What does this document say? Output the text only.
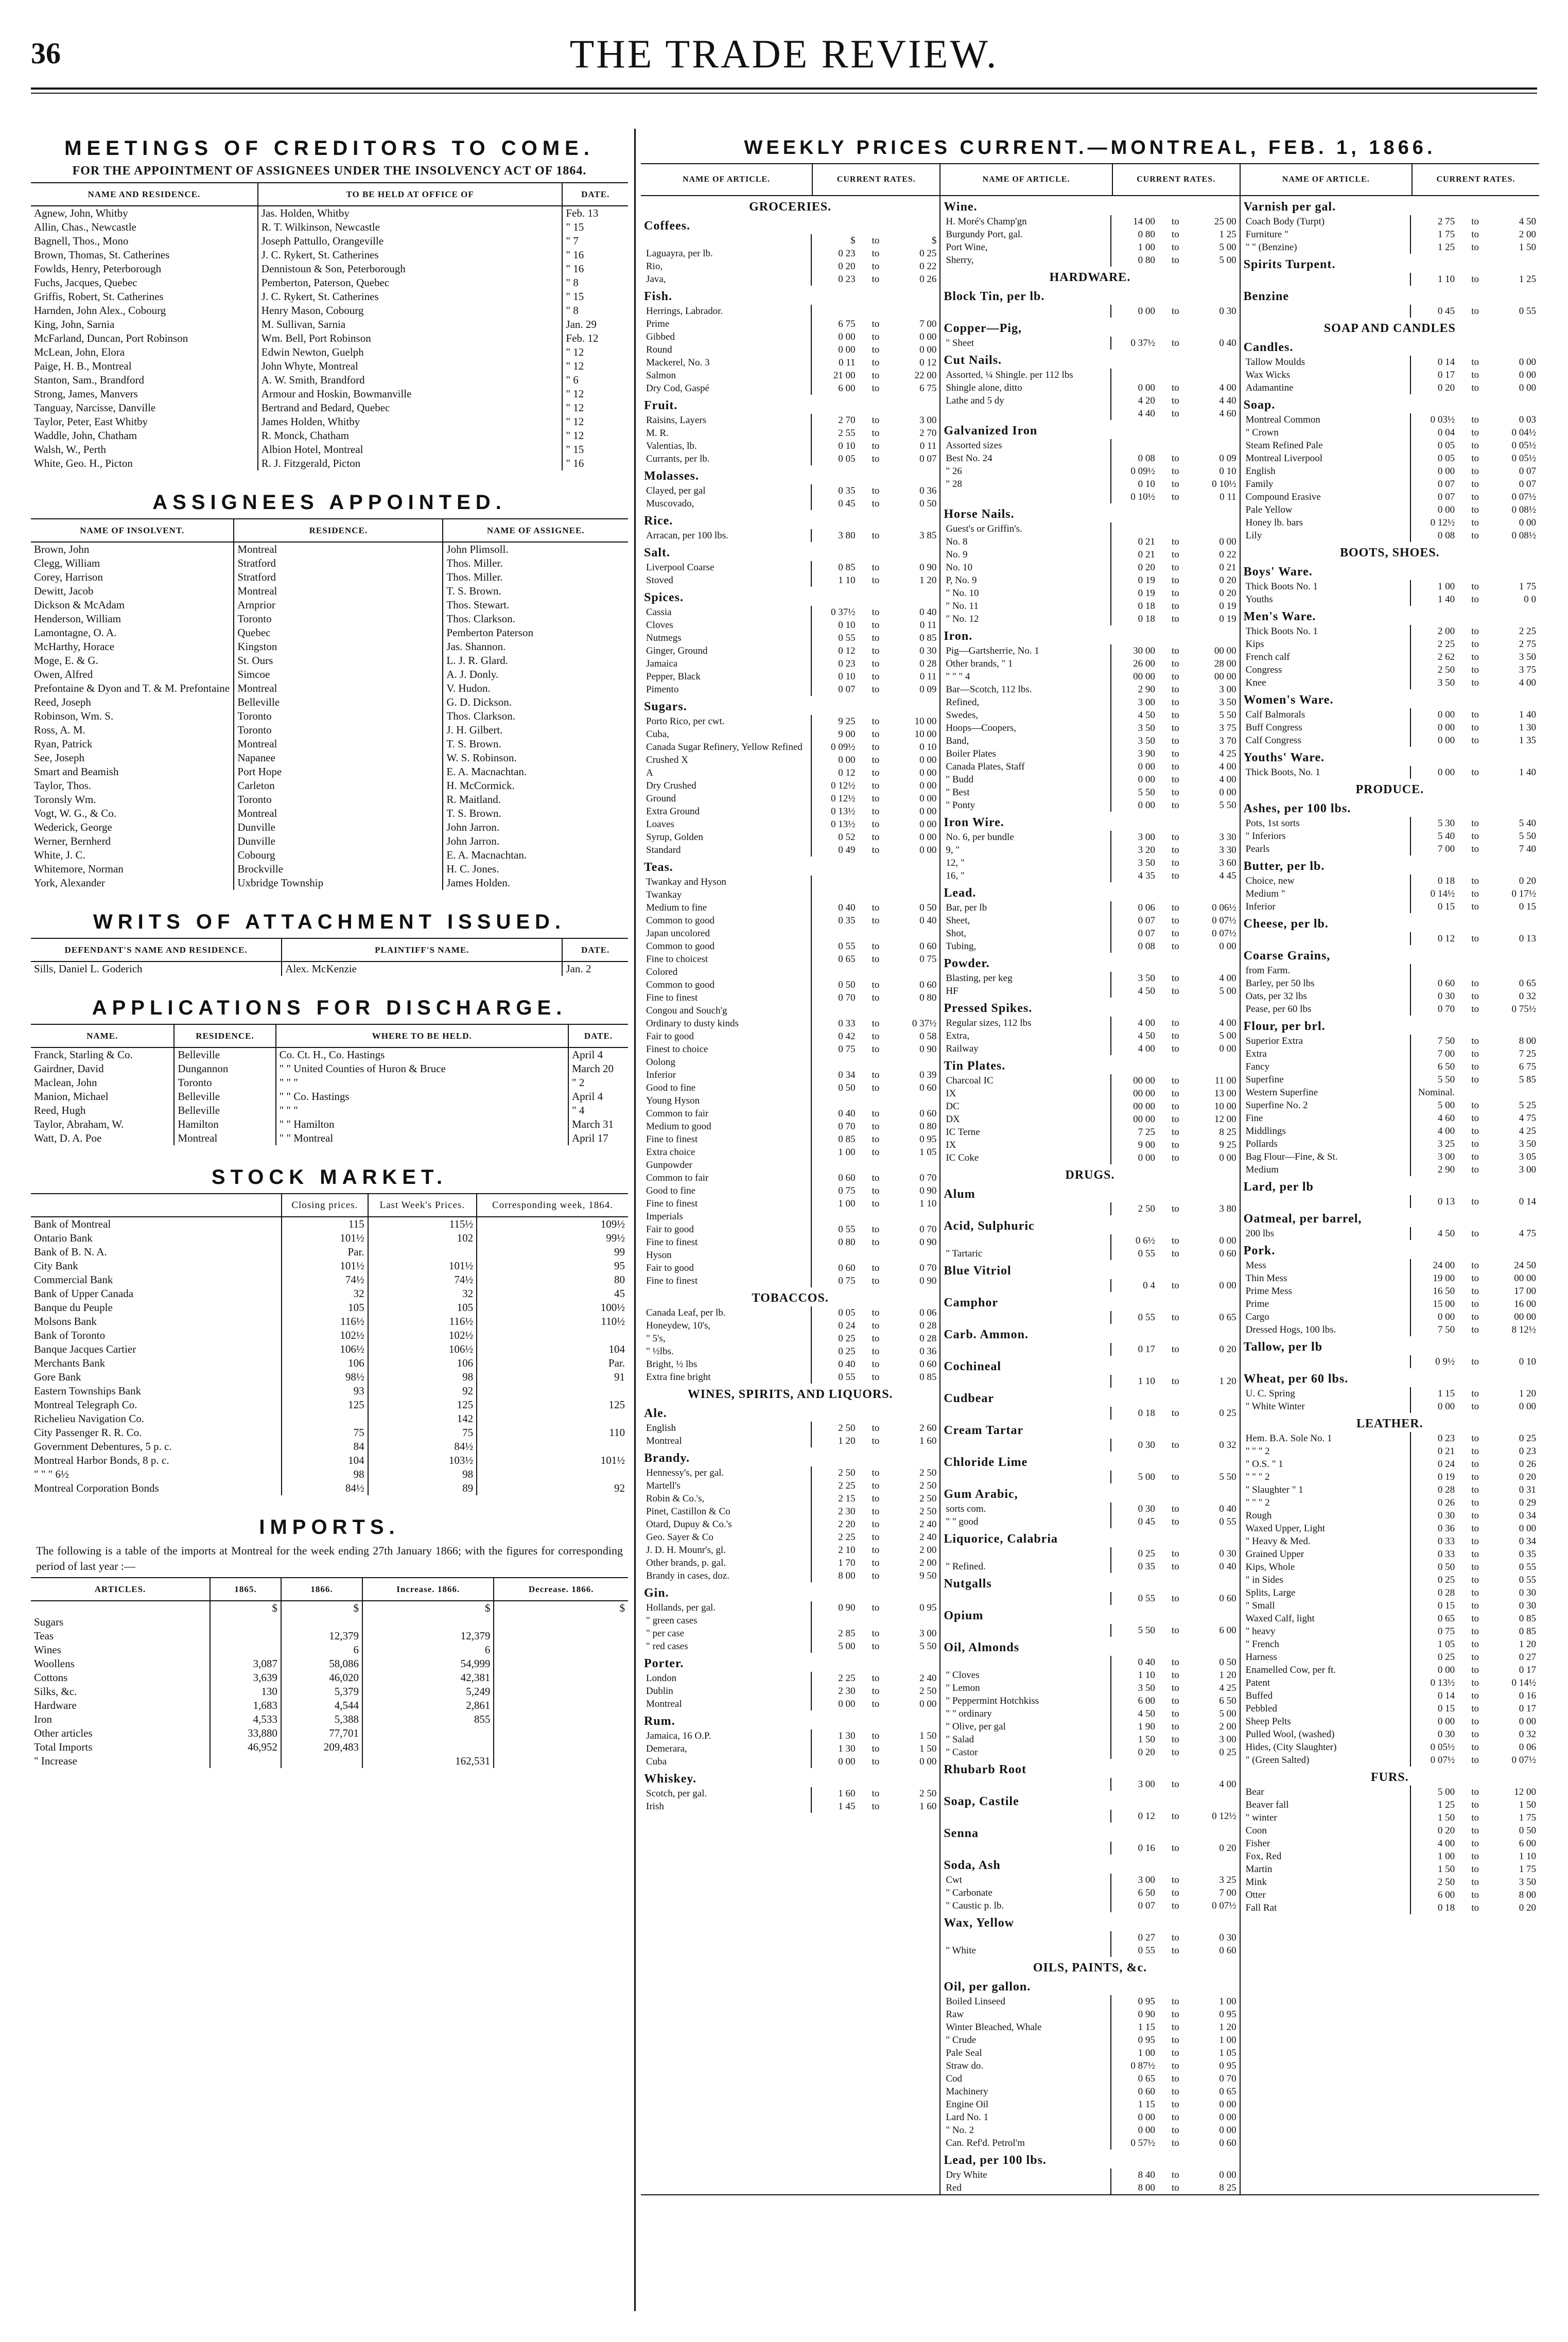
36	THE TRADE REVIEW.
MEETINGS OF CREDITORS TO COME.

FOR THE APPOINTMENT OF ASSIGNEES UNDER THE INSOLVENCY ACT OF 1864.

NAME AND RESIDENCE.	TO BE HELD AT OFFICE OF	DATE.
Agnew, John, Whitby	Jas. Holden, Whitby	Feb. 13
Allin, Chas., Newcastle	R. T. Wilkinson, Newcastle	" 15
Bagnell, Thos., Mono	Joseph Pattullo, Orangeville	" 7
Brown, Thomas, St. Catherines	J. C. Rykert, St. Catherines	" 16
Fowlds, Henry, Peterborough	Dennistoun & Son, Peterborough	" 16
Fuchs, Jacques, Quebec	Pemberton, Paterson, Quebec	" 8
Griffis, Robert, St. Catherines	J. C. Rykert, St. Catherines	" 15
Harnden, John Alex., Cobourg	Henry Mason, Cobourg	" 8
King, John, Sarnia	M. Sullivan, Sarnia	Jan. 29
McFarland, Duncan, Port Robinson	Wm. Bell, Port Robinson	Feb. 12
McLean, John, Elora	Edwin Newton, Guelph	" 12
Paige, H. B., Montreal	John Whyte, Montreal	" 12
Stanton, Sam., Brandford	A. W. Smith, Brandford	" 6
Strong, James, Manvers	Armour and Hoskin, Bowmanville	" 12
Tanguay, Narcisse, Danville	Bertrand and Bedard, Quebec	" 12
Taylor, Peter, East Whitby	James Holden, Whitby	" 12
Waddle, John, Chatham	R. Monck, Chatham	" 12
Walsh, W., Perth	Albion Hotel, Montreal	" 15
White, Geo. H., Picton	R. J. Fitzgerald, Picton	" 16
ASSIGNEES APPOINTED.
NAME OF INSOLVENT.	RESIDENCE.	NAME OF ASSIGNEE.
Brown, John	Montreal	John Plimsoll.
Clegg, William	Stratford	Thos. Miller.
Corey, Harrison	Stratford	Thos. Miller.
Dewitt, Jacob	Montreal	T. S. Brown.
Dickson & McAdam	Arnprior	Thos. Stewart.
Henderson, William	Toronto	Thos. Clarkson.
Lamontagne, O. A.	Quebec	Pemberton Paterson
McHarthy, Horace	Kingston	Jas. Shannon.
Moge, E. & G.	St. Ours	L. J. R. Glard.
Owen, Alfred	Simcoe	A. J. Donly.
Prefontaine & Dyon and T. & M. Prefontaine	Montreal	V. Hudon.
Reed, Joseph	Belleville	G. D. Dickson.
Robinson, Wm. S.	Toronto	Thos. Clarkson.
Ross, A. M.	Toronto	J. H. Gilbert.
Ryan, Patrick	Montreal	T. S. Brown.
See, Joseph	Napanee	W. S. Robinson.
Smart and Beamish	Port Hope	E. A. Macnachtan.
Taylor, Thos.	Carleton	H. McCormick.
Toronsly Wm.	Toronto	R. Maitland.
Vogt, W. G., & Co.	Montreal	T. S. Brown.
Wederick, George	Dunville	John Jarron.
Werner, Bernherd	Dunville	John Jarron.
White, J. C.	Cobourg	E. A. Macnachtan.
Whitemore, Norman	Brockville	H. C. Jones.
York, Alexander	Uxbridge Township	James Holden.
WRITS OF ATTACHMENT ISSUED.
DEFENDANT'S NAME AND RESIDENCE.	PLAINTIFF'S NAME.	DATE.
Sills, Daniel L. Goderich	Alex. McKenzie	Jan. 2
APPLICATIONS FOR DISCHARGE.
NAME.	RESIDENCE.	WHERE TO BE HELD.	DATE.
Franck, Starling & Co.	Belleville	Co. Ct. H., Co. Hastings	April 4
Gairdner, David	Dungannon	" " United Counties of Huron & Bruce	March 20
Maclean, John	Toronto	" " "	" 2
Manion, Michael	Belleville	" " Co. Hastings	April 4
Reed, Hugh	Belleville	" " "	" 4
Taylor, Abraham, W.	Hamilton	" " Hamilton	March 31
Watt, D. A. Poe	Montreal	" " Montreal	April 17
STOCK MARKET.
	Closing prices.	Last Week's Prices.	Corresponding week, 1864.
Bank of Montreal	115	115½	109½
Ontario Bank	101½	102	99½
Bank of B. N. A.	Par.		99
City Bank	101½	101½	95
Commercial Bank	74½	74½	80
Bank of Upper Canada	32	32	45
Banque du Peuple	105	105	100½
Molsons Bank	116½	116½	110½
Bank of Toronto	102½	102½	
Banque Jacques Cartier	106½	106½	104
Merchants Bank	106	106	Par.
Gore Bank	98½	98	91
Eastern Townships Bank	93	92	
Montreal Telegraph Co.	125	125	125
Richelieu Navigation Co.		142	
City Passenger R. R. Co.	75	75	110
Government Debentures, 5 p. c.	84	84½	
Montreal Harbor Bonds, 8 p. c.	104	103½	101½
" " " 6½	98	98	
Montreal Corporation Bonds	84½	89	92
IMPORTS.

The following is a table of the imports at Montreal for the week ending 27th January 1866; with the figures for corresponding period of last year :—

ARTICLES.	1865.	1866.	Increase. 1866.	Decrease. 1866.
	$	$	$	$
Sugars				
Teas		12,379	12,379	
Wines		6	6	
Woollens	3,087	58,086	54,999	
Cottons	3,639	46,020	42,381	
Silks, &c.	130	5,379	5,249	
Hardware	1,683	4,544	2,861	
Iron	4,533	5,388	855	
Other articles	33,880	77,701		
Total Imports	46,952	209,483		
" Increase			162,531	
WEEKLY PRICES CURRENT.—MONTREAL, FEB. 1, 1866.
NAME OF ARTICLE.	CURRENT RATES.
GROCERIES.
Coffees.
$	to	$
Laguayra, per lb.	0 23	to	0 25
Rio,	0 20	to	0 22
Java,	0 23	to	0 26
Fish.
Herrings, Labrador.
Prime	6 75	to	7 00
Gibbed	0 00	to	0 00
Round	0 00	to	0 00
Mackerel, No. 3	0 11	to	0 12
Salmon	21 00	to	22 00
Dry Cod, Gaspé	6 00	to	6 75
Fruit.
Raisins, Layers	2 70	to	3 00
M. R.	2 55	to	2 70
Valentias, lb.	0 10	to	0 11
Currants, per lb.	0 05	to	0 07
Molasses.
Clayed, per gal	0 35	to	0 36
Muscovado,	0 45	to	0 50
Rice.
Arracan, per 100 lbs.	3 80	to	3 85
Salt.
Liverpool Coarse	0 85	to	0 90
Stoved	1 10	to	1 20
Spices.
Cassia	0 37½	to	0 40
Cloves	0 10	to	0 11
Nutmegs	0 55	to	0 85
Ginger, Ground	0 12	to	0 30
Jamaica	0 23	to	0 28
Pepper, Black	0 10	to	0 11
Pimento	0 07	to	0 09
Sugars.
Porto Rico, per cwt.	9 25	to	10 00
Cuba,	9 00	to	10 00
Canada Sugar Refinery, Yellow Refined	0 09½	to	0 10
Crushed X	0 00	to	0 00
A	0 12	to	0 00
Dry Crushed	0 12½	to	0 00
Ground	0 12½	to	0 00
Extra Ground	0 13½	to	0 00
Loaves	0 13½	to	0 00
Syrup, Golden	0 52	to	0 00
Standard	0 49	to	0 00
Teas.
Twankay and Hyson
Twankay
Medium to fine	0 40	to	0 50
Common to good	0 35	to	0 40
Japan uncolored
Common to good	0 55	to	0 60
Fine to choicest	0 65	to	0 75
Colored
Common to good	0 50	to	0 60
Fine to finest	0 70	to	0 80
Congou and Souch'g
Ordinary to dusty kinds	0 33	to	0 37½
Fair to good	0 42	to	0 58
Finest to choice	0 75	to	0 90
Oolong
Inferior	0 34	to	0 39
Good to fine	0 50	to	0 60
Young Hyson
Common to fair	0 40	to	0 60
Medium to good	0 70	to	0 80
Fine to finest	0 85	to	0 95
Extra choice	1 00	to	1 05
Gunpowder
Common to fair	0 60	to	0 70
Good to fine	0 75	to	0 90
Fine to finest	1 00	to	1 10
Imperials
Fair to good	0 55	to	0 70
Fine to finest	0 80	to	0 90
Hyson
Fair to good	0 60	to	0 70
Fine to finest	0 75	to	0 90
TOBACCOS.
Canada Leaf, per lb.	0 05	to	0 06
Honeydew, 10's,	0 24	to	0 28
" 5's,	0 25	to	0 28
" ½lbs.	0 25	to	0 36
Bright, ½ lbs	0 40	to	0 60
Extra fine bright	0 55	to	0 85
WINES, SPIRITS, AND LIQUORS.
Ale.
English	2 50	to	2 60
Montreal	1 20	to	1 60
Brandy.
Hennessy's, per gal.	2 50	to	2 50
Martell's	2 25	to	2 50
Robin & Co.'s,	2 15	to	2 50
Pinet, Castillon & Co	2 30	to	2 50
Otard, Dupuy & Co.'s	2 20	to	2 40
Geo. Sayer & Co	2 25	to	2 40
J. D. H. Mounr's, gl.	2 10	to	2 00
Other brands, p. gal.	1 70	to	2 00
Brandy in cases, doz.	8 00	to	9 50
Gin.
Hollands, per gal.	0 90	to	0 95
" green cases
" per case	2 85	to	3 00
" red cases	5 00	to	5 50
Porter.
London	2 25	to	2 40
Dublin	2 30	to	2 50
Montreal	0 00	to	0 00
Rum.
Jamaica, 16 O.P.	1 30	to	1 50
Demerara,	1 30	to	1 50
Cuba	0 00	to	0 00
Whiskey.
Scotch, per gal.	1 60	to	2 50
Irish	1 45	to	1 60
NAME OF ARTICLE.	CURRENT RATES.
Wine.
H. Moré's Champ'gn	14 00	to	25 00
Burgundy Port, gal.	0 80	to	1 25
Port Wine,	1 00	to	5 00
Sherry,	0 80	to	5 00
HARDWARE.
Block Tin, per lb.
0 00	to	0 30
Copper—Pig,
" Sheet	0 37½	to	0 40
Cut Nails.
Assorted, ¼ Shingle. per 112 lbs
Shingle alone, ditto	0 00	to	4 00
Lathe and 5 dy	4 20	to	4 40
4 40	to	4 60
Galvanized Iron
Assorted sizes
Best No. 24	0 08	to	0 09
" 26	0 09½	to	0 10
" 28	0 10	to	0 10½
0 10½	to	0 11
Horse Nails.
Guest's or Griffin's.
No. 8	0 21	to	0 00
No. 9	0 21	to	0 22
No. 10	0 20	to	0 21
P, No. 9	0 19	to	0 20
" No. 10	0 19	to	0 20
" No. 11	0 18	to	0 19
" No. 12	0 18	to	0 19
Iron.
Pig—Gartsherrie, No. 1	30 00	to	00 00
Other brands, " 1	26 00	to	28 00
" " " 4	00 00	to	00 00
Bar—Scotch, 112 lbs.	2 90	to	3 00
Refined,	3 00	to	3 50
Swedes,	4 50	to	5 50
Hoops—Coopers,	3 50	to	3 75
Band,	3 50	to	3 70
Boiler Plates	3 90	to	4 25
Canada Plates, Staff	0 00	to	4 00
" Budd	0 00	to	4 00
" Best	5 50	to	0 00
" Ponty	0 00	to	5 50
Iron Wire.
No. 6, per bundle	3 00	to	3 30
9, "	3 20	to	3 30
12, "	3 50	to	3 60
16, "	4 35	to	4 45
Lead.
Bar, per lb	0 06	to	0 06½
Sheet,	0 07	to	0 07½
Shot,	0 07	to	0 07½
Tubing,	0 08	to	0 00
Powder.
Blasting, per keg	3 50	to	4 00
HF	4 50	to	5 00
Pressed Spikes.
Regular sizes, 112 lbs	4 00	to	4 00
Extra,	4 50	to	5 00
Railway	4 00	to	0 00
Tin Plates.
Charcoal IC	00 00	to	11 00
IX	00 00	to	13 00
DC	00 00	to	10 00
DX	00 00	to	12 00
IC Terne	7 25	to	8 25
IX	9 00	to	9 25
IC Coke	0 00	to	0 00
DRUGS.
Alum
2 50	to	3 80
Acid, Sulphuric
0 6½	to	0 00
" Tartaric	0 55	to	0 60
Blue Vitriol
0 4	to	0 00
Camphor
0 55	to	0 65
Carb. Ammon.
0 17	to	0 20
Cochineal
1 10	to	1 20
Cudbear
0 18	to	0 25
Cream Tartar
0 30	to	0 32
Chloride Lime
5 00	to	5 50
Gum Arabic,
sorts com.	0 30	to	0 40
" " good	0 45	to	0 55
Liquorice, Calabria
0 25	to	0 30
" Refined.	0 35	to	0 40
Nutgalls
0 55	to	0 60
Opium
5 50	to	6 00
Oil, Almonds
0 40	to	0 50
" Cloves	1 10	to	1 20
" Lemon	3 50	to	4 25
" Peppermint Hotchkiss	6 00	to	6 50
" " ordinary	4 50	to	5 00
" Olive, per gal	1 90	to	2 00
" Salad	1 50	to	3 00
" Castor	0 20	to	0 25
Rhubarb Root
3 00	to	4 00
Soap, Castile
0 12	to	0 12½
Senna
0 16	to	0 20
Soda, Ash
Cwt	3 00	to	3 25
" Carbonate	6 50	to	7 00
" Caustic p. lb.	0 07	to	0 07½
Wax, Yellow
0 27	to	0 30
" White	0 55	to	0 60
OILS, PAINTS, &c.
Oil, per gallon.
Boiled Linseed	0 95	to	1 00
Raw	0 90	to	0 95
Winter Bleached, Whale	1 15	to	1 20
" Crude	0 95	to	1 00
Pale Seal	1 00	to	1 05
Straw do.	0 87½	to	0 95
Cod	0 65	to	0 70
Machinery	0 60	to	0 65
Engine Oil	1 15	to	0 00
Lard No. 1	0 00	to	0 00
" No. 2	0 00	to	0 00
Can. Ref'd. Petrol'm	0 57½	to	0 60
Lead, per 100 lbs.
Dry White	8 40	to	0 00
Red	8 00	to	8 25
NAME OF ARTICLE.	CURRENT RATES.
Varnish per gal.
Coach Body (Turpt)	2 75	to	4 50
Furniture "	1 75	to	2 00
" " (Benzine)	1 25	to	1 50
Spirits Turpent.
1 10	to	1 25
Benzine
0 45	to	0 55
SOAP AND CANDLES
Candles.
Tallow Moulds	0 14	to	0 00
Wax Wicks	0 17	to	0 00
Adamantine	0 20	to	0 00
Soap.
Montreal Common	0 03½	to	0 03
" Crown	0 04	to	0 04½
Steam Refined Pale	0 05	to	0 05½
Montreal Liverpool	0 05	to	0 05½
English	0 00	to	0 07
Family	0 07	to	0 07
Compound Erasive	0 07	to	0 07½
Pale Yellow	0 00	to	0 08½
Honey lb. bars	0 12½	to	0 00
Lily	0 08	to	0 08½
BOOTS, SHOES.
Boys' Ware.
Thick Boots No. 1	1 00	to	1 75
Youths	1 40	to	0 0
Men's Ware.
Thick Boots No. 1	2 00	to	2 25
Kips	2 25	to	2 75
French calf	2 62	to	3 50
Congress	2 50	to	3 75
Knee	3 50	to	4 00
Women's Ware.
Calf Balmorals	0 00	to	1 40
Buff Congress	0 00	to	1 30
Calf Congress	0 00	to	1 35
Youths' Ware.
Thick Boots, No. 1	0 00	to	1 40
PRODUCE.
Ashes, per 100 lbs.
Pots, 1st sorts	5 30	to	5 40
" Inferiors	5 40	to	5 50
Pearls	7 00	to	7 40
Butter, per lb.
Choice, new	0 18	to	0 20
Medium "	0 14½	to	0 17½
Inferior	0 15	to	0 15
Cheese, per lb.
0 12	to	0 13
Coarse Grains,
from Farm.
Barley, per 50 lbs	0 60	to	0 65
Oats, per 32 lbs	0 30	to	0 32
Pease, per 60 lbs	0 70	to	0 75½
Flour, per brl.
Superior Extra	7 50	to	8 00
Extra	7 00	to	7 25
Fancy	6 50	to	6 75
Superfine	5 50	to	5 85
Western Superfine	Nominal.
Superfine No. 2	5 00	to	5 25
Fine	4 60	to	4 75
Middlings	4 00	to	4 25
Pollards	3 25	to	3 50
Bag Flour—Fine, & St.	3 00	to	3 05
Medium	2 90	to	3 00
Lard, per lb
0 13	to	0 14
Oatmeal, per barrel,
200 lbs	4 50	to	4 75
Pork.
Mess	24 00	to	24 50
Thin Mess	19 00	to	00 00
Prime Mess	16 50	to	17 00
Prime	15 00	to	16 00
Cargo	0 00	to	00 00
Dressed Hogs, 100 lbs.	7 50	to	8 12½
Tallow, per lb
0 9½	to	0 10
Wheat, per 60 lbs.
U. C. Spring	1 15	to	1 20
" White Winter	0 00	to	0 00
LEATHER.
Hem. B.A. Sole No. 1	0 23	to	0 25
" " " 2	0 21	to	0 23
" O.S. " 1	0 24	to	0 26
" " " 2	0 19	to	0 20
" Slaughter " 1	0 28	to	0 31
" " " 2	0 26	to	0 29
Rough	0 30	to	0 34
Waxed Upper, Light	0 36	to	0 00
" Heavy & Med.	0 33	to	0 34
Grained Upper	0 33	to	0 35
Kips, Whole	0 50	to	0 55
" in Sides	0 25	to	0 55
Splits, Large	0 28	to	0 30
" Small	0 15	to	0 30
Waxed Calf, light	0 65	to	0 85
" heavy	0 75	to	0 85
" French	1 05	to	1 20
Harness	0 25	to	0 27
Enamelled Cow, per ft.	0 00	to	0 17
Patent	0 13½	to	0 14½
Buffed	0 14	to	0 16
Pebbled	0 15	to	0 17
Sheep Pelts	0 00	to	0 00
Pulled Wool, (washed)	0 30	to	0 32
Hides, (City Slaughter)	0 05½	to	0 06
" (Green Salted)	0 07½	to	0 07½
FURS.
Bear	5 00	to	12 00
Beaver fall	1 25	to	1 50
" winter	1 50	to	1 75
Coon	0 20	to	0 50
Fisher	4 00	to	6 00
Fox, Red	1 00	to	1 10
Martin	1 50	to	1 75
Mink	2 50	to	3 50
Otter	6 00	to	8 00
Fall Rat	0 18	to	0 20
